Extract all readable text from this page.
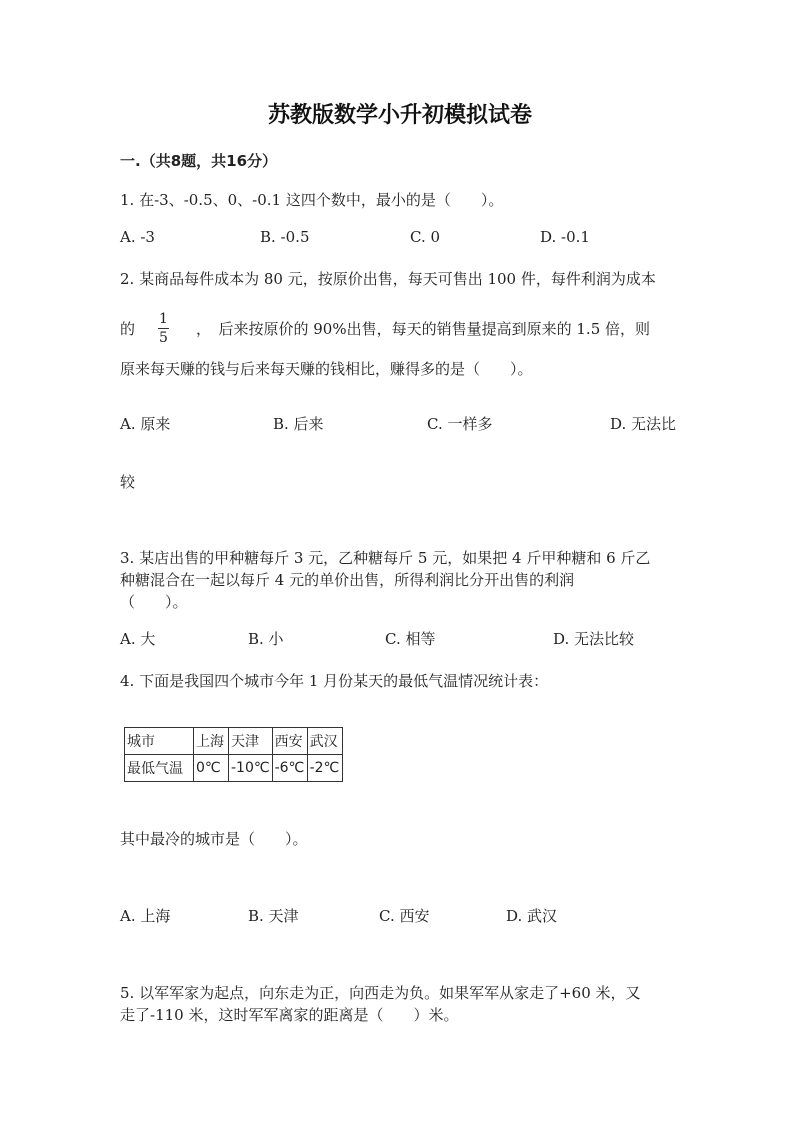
苏教版数学小升初模拟试卷
一.（共8题，共16分）
1. 在-3、-0.5、0、-0.1 这四个数中，最小的是（　　）。
A. -3	B. -0.5	C. 0	D. -0.1
2. 某商品每件成本为 80 元，按原价出售，每天可售出 100 件，每件利润为成本
的
1
5 ，　后来按原价的 90%出售，每天的销售量提高到原来的 1.5 倍，则
原来每天赚的钱与后来每天赚的钱相比，赚得多的是（　　）。
A. 原来	B. 后来	C. 一样多	D. 无法比
较
3. 某店出售的甲种糖每斤 3 元，乙种糖每斤 5 元，如果把 4 斤甲种糖和 6 斤乙
种糖混合在一起以每斤 4 元的单价出售，所得利润比分开出售的利润
（　　）。
A. 大	B. 小	C. 相等	D. 无法比较
4. 下面是我国四个城市今年 1 月份某天的最低气温情况统计表：
城市	上海	天津	西安	武汉
最低气温	0℃	-10℃	-6℃	-2℃
其中最冷的城市是（　　）。
A. 上海	B. 天津	C. 西安	D. 武汉
5. 以军军家为起点，向东走为正，向西走为负。如果军军从家走了+60 米，又
走了-110 米，这时军军离家的距离是（　　）米。
